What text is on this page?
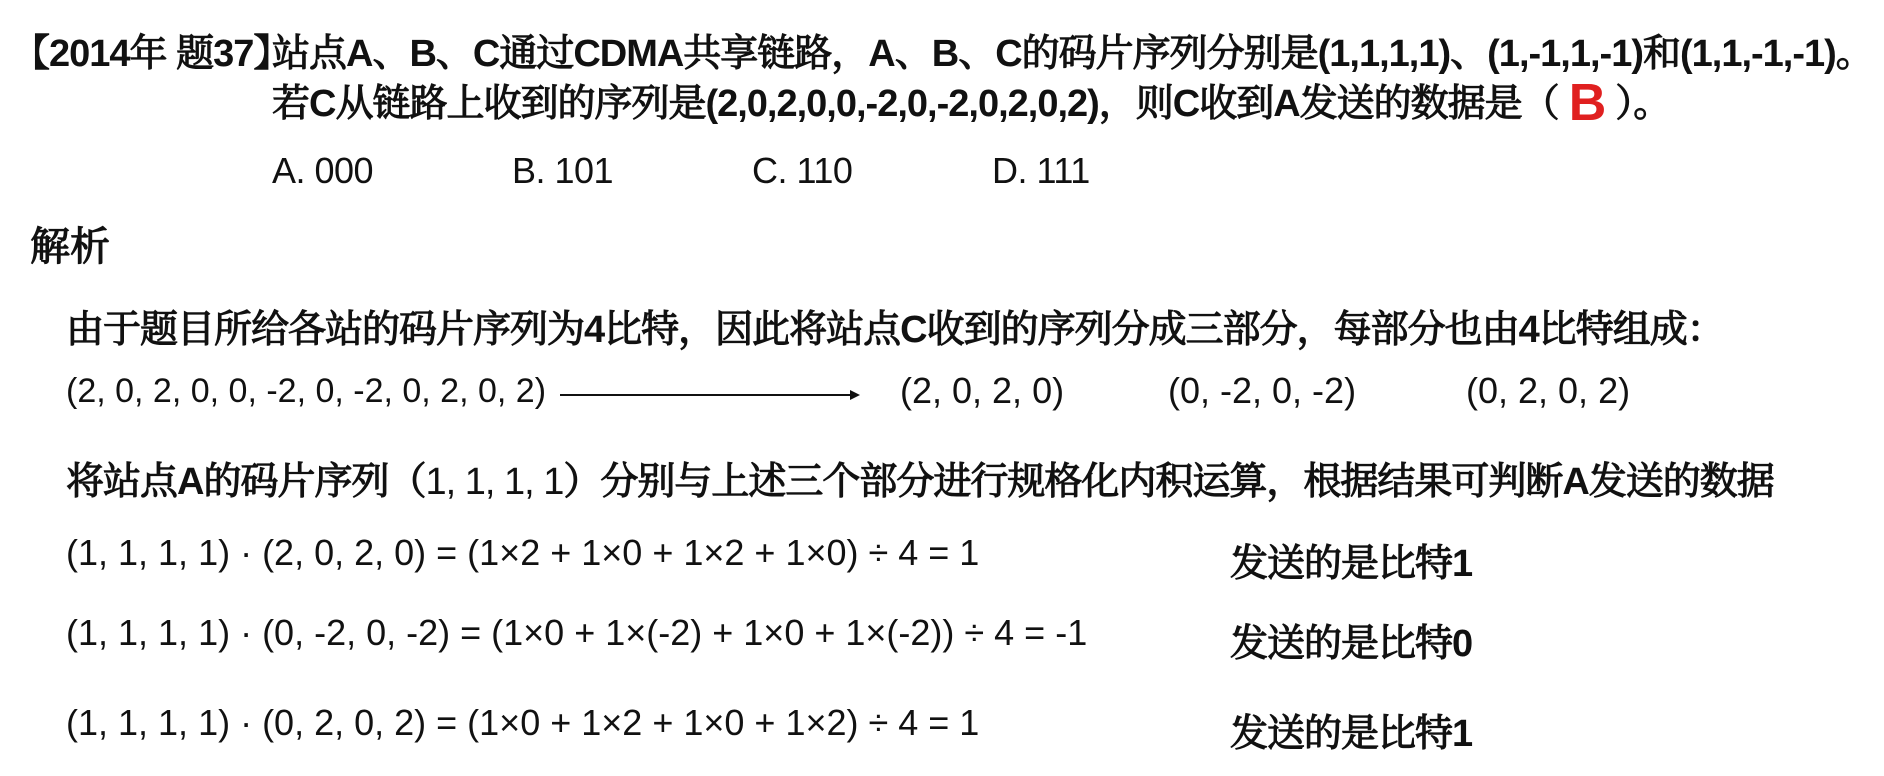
【2014年 题37】
站点A、B、C通过CDMA共享链路，A、B、C的码片序列分别是(1,1,1,1)、(1,-1,1,-1)和(1,1,-1,-1)。
若C从链路上收到的序列是(2,0,2,0,0,-2,0,-2,0,2,0,2)，则C收到A发送的数据是（ B ）。
A. 000	B. 101	C. 110	D. 111
解析
由于题目所给各站的码片序列为4比特，因此将站点C收到的序列分成三部分，每部分也由4比特组成：
(2, 0, 2, 0, 0, -2, 0, -2, 0, 2, 0, 2)	(2, 0, 2, 0)	(0, -2, 0, -2)	(0, 2, 0, 2)
将站点A的码片序列（1, 1, 1, 1）分别与上述三个部分进行规格化内积运算，根据结果可判断A发送的数据
(1, 1, 1, 1) · (2, 0, 2, 0) = (1×2 + 1×0 + 1×2 + 1×0) ÷ 4 = 1	发送的是比特1
(1, 1, 1, 1) · (0, -2, 0, -2) = (1×0 + 1×(-2) + 1×0 + 1×(-2)) ÷ 4 = -1	发送的是比特0
(1, 1, 1, 1) · (0, 2, 0, 2) = (1×0 + 1×2 + 1×0 + 1×2) ÷ 4 = 1	发送的是比特1
